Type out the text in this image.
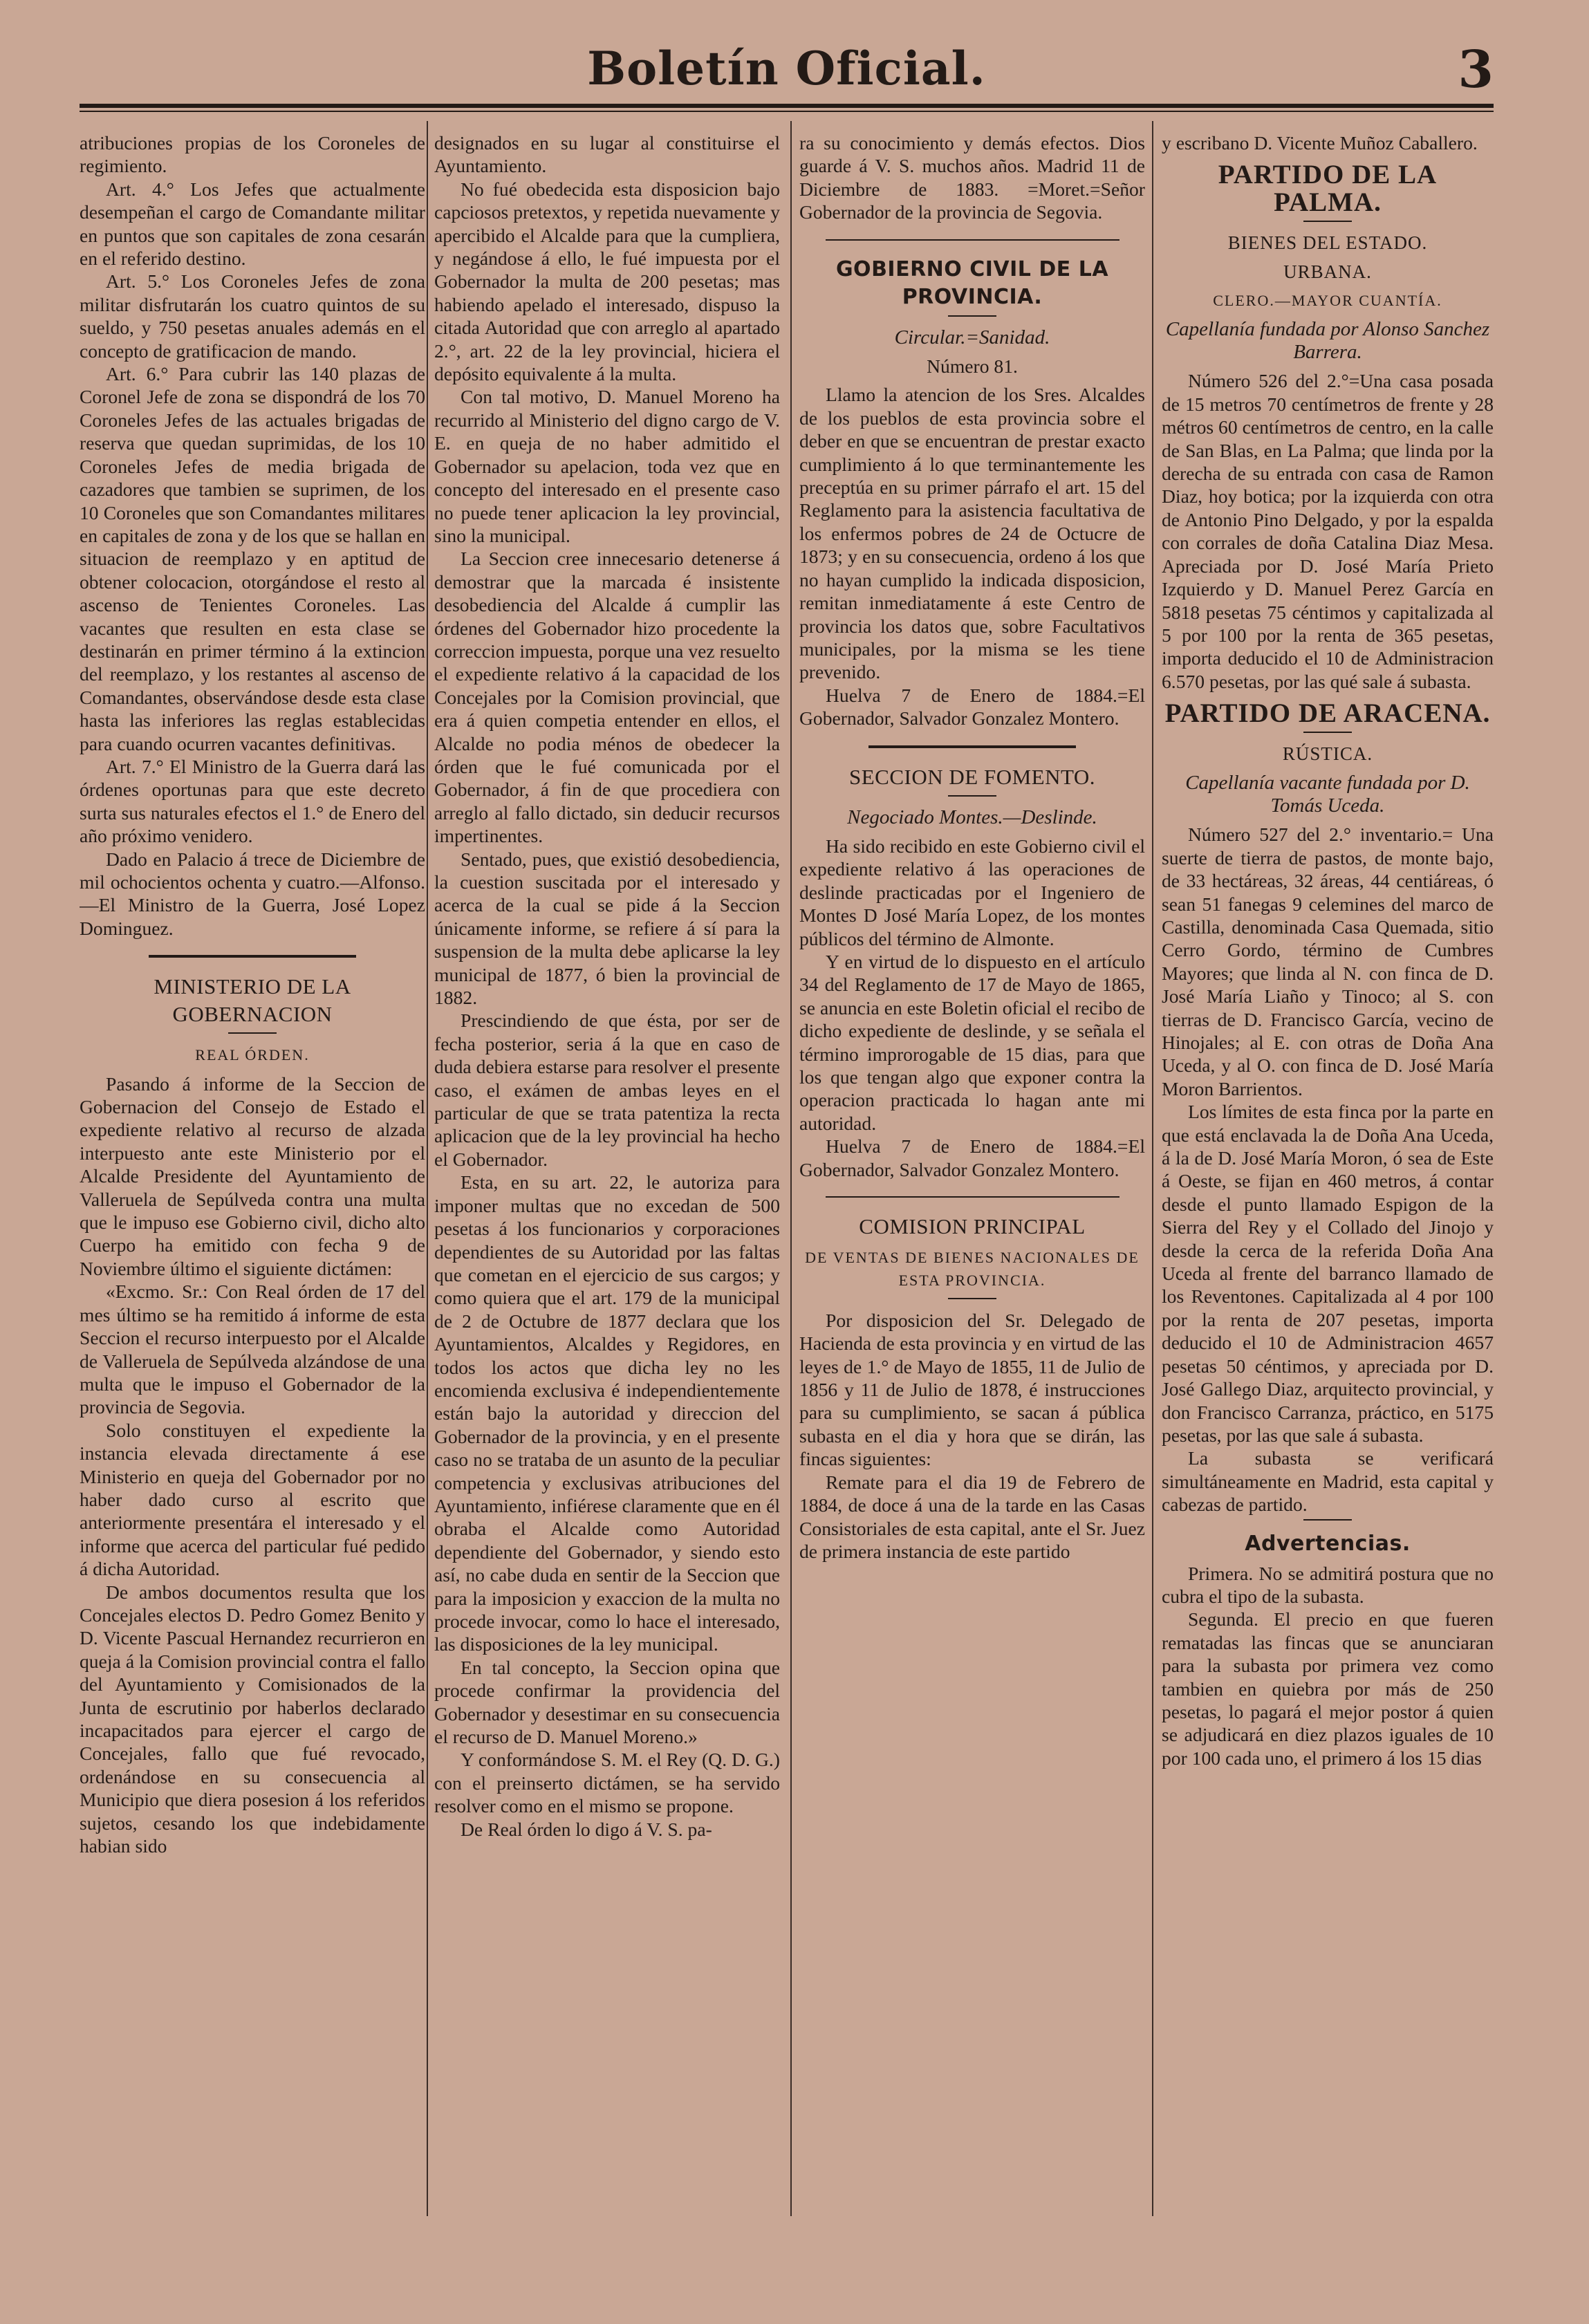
Boletín Oficial.	3

atribuciones propias de los Coroneles de regimiento.

Art. 4.° Los Jefes que actualmente desempeñan el cargo de Comandante militar en puntos que son capitales de zona cesarán en el referido destino.

Art. 5.° Los Coroneles Jefes de zona militar disfrutarán los cuatro quintos de su sueldo, y 750 pesetas anuales además en el concepto de gratificacion de mando.

Art. 6.° Para cubrir las 140 plazas de Coronel Jefe de zona se dispondrá de los 70 Coroneles Jefes de las actuales brigadas de reserva que quedan suprimidas, de los 10 Coroneles Jefes de media brigada de cazadores que tambien se suprimen, de los 10 Coroneles que son Comandantes militares en capitales de zona y de los que se hallan en situacion de reemplazo y en aptitud de obtener colocacion, otorgándose el resto al ascenso de Tenientes Coroneles. Las vacantes que resulten en esta clase se destinarán en primer término á la extincion del reemplazo, y los restantes al ascenso de Comandantes, observándose desde esta clase hasta las inferiores las reglas establecidas para cuando ocurren vacantes definitivas.

Art. 7.° El Ministro de la Guerra dará las órdenes oportunas para que este decreto surta sus naturales efectos el 1.° de Enero del año próximo venidero.

Dado en Palacio á trece de Diciembre de mil ochocientos ochenta y cuatro.—Alfonso.—El Ministro de la Guerra, José Lopez Dominguez.

MINISTERIO DE LA GOBERNACION
REAL ÓRDEN.

Pasando á informe de la Seccion de Gobernacion del Consejo de Estado el expediente relativo al recurso de alzada interpuesto ante este Ministerio por el Alcalde Presidente del Ayuntamiento de Valleruela de Sepúlveda contra una multa que le impuso ese Gobierno civil, dicho alto Cuerpo ha emitido con fecha 9 de Noviembre último el siguiente dictámen:

«Excmo. Sr.: Con Real órden de 17 del mes último se ha remitido á informe de esta Seccion el recurso interpuesto por el Alcalde de Valleruela de Sepúlveda alzándose de una multa que le impuso el Gobernador de la provincia de Segovia.

Solo constituyen el expediente la instancia elevada directamente á ese Ministerio en queja del Gobernador por no haber dado curso al escrito que anteriormente presentára el interesado y el informe que acerca del particular fué pedido á dicha Autoridad.

De ambos documentos resulta que los Concejales electos D. Pedro Gomez Benito y D. Vicente Pascual Hernandez recurrieron en queja á la Comision provincial contra el fallo del Ayuntamiento y Comisionados de la Junta de escrutinio por haberlos declarado incapacitados para ejercer el cargo de Concejales, fallo que fué revocado, ordenándose en su consecuencia al Municipio que diera posesion á los referidos sujetos, cesando los que indebidamente habian sido

designados en su lugar al constituirse el Ayuntamiento.

No fué obedecida esta disposicion bajo capciosos pretextos, y repetida nuevamente y apercibido el Alcalde para que la cumpliera, y negándose á ello, le fué impuesta por el Gobernador la multa de 200 pesetas; mas habiendo apelado el interesado, dispuso la citada Autoridad que con arreglo al apartado 2.°, art. 22 de la ley provincial, hiciera el depósito equivalente á la multa.

Con tal motivo, D. Manuel Moreno ha recurrido al Ministerio del digno cargo de V. E. en queja de no haber admitido el Gobernador su apelacion, toda vez que en concepto del interesado en el presente caso no puede tener aplicacion la ley provincial, sino la municipal.

La Seccion cree innecesario detenerse á demostrar que la marcada é insistente desobediencia del Alcalde á cumplir las órdenes del Gobernador hizo procedente la correccion impuesta, porque una vez resuelto el expediente relativo á la capacidad de los Concejales por la Comision provincial, que era á quien competia entender en ellos, el Alcalde no podia ménos de obedecer la órden que le fué comunicada por el Gobernador, á fin de que procediera con arreglo al fallo dictado, sin deducir recursos impertinentes.

Sentado, pues, que existió desobediencia, la cuestion suscitada por el interesado y acerca de la cual se pide á la Seccion únicamente informe, se refiere á sí para la suspension de la multa debe aplicarse la ley municipal de 1877, ó bien la provincial de 1882.

Prescindiendo de que ésta, por ser de fecha posterior, seria á la que en caso de duda debiera estarse para resolver el presente caso, el exámen de ambas leyes en el particular de que se trata patentiza la recta aplicacion que de la ley provincial ha hecho el Gobernador.

Esta, en su art. 22, le autoriza para imponer multas que no excedan de 500 pesetas á los funcionarios y corporaciones dependientes de su Autoridad por las faltas que cometan en el ejercicio de sus cargos; y como quiera que el art. 179 de la municipal de 2 de Octubre de 1877 declara que los Ayuntamientos, Alcaldes y Regidores, en todos los actos que dicha ley no les encomienda exclusiva é independientemente están bajo la autoridad y direccion del Gobernador de la provincia, y en el presente caso no se trataba de un asunto de la peculiar competencia y exclusivas atribuciones del Ayuntamiento, infiérese claramente que en él obraba el Alcalde como Autoridad dependiente del Gobernador, y siendo esto así, no cabe duda en sentir de la Seccion que para la imposicion y exaccion de la multa no procede invocar, como lo hace el interesado, las disposiciones de la ley municipal.

En tal concepto, la Seccion opina que procede confirmar la providencia del Gobernador y desestimar en su consecuencia el recurso de D. Manuel Moreno.»

Y conformándose S. M. el Rey (Q. D. G.) con el preinserto dictámen, se ha servido resolver como en el mismo se propone.

De Real órden lo digo á V. S. pa-

ra su conocimiento y demás efectos. Dios guarde á V. S. muchos años. Madrid 11 de Diciembre de 1883. =Moret.=Señor Gobernador de la provincia de Segovia.

GOBIERNO CIVIL DE LA PROVINCIA.
Circular.=Sanidad.
Número 81.

Llamo la atencion de los Sres. Alcaldes de los pueblos de esta provincia sobre el deber en que se encuentran de prestar exacto cumplimiento á lo que terminantemente les preceptúa en su primer párrafo el art. 15 del Reglamento para la asistencia facultativa de los enfermos pobres de 24 de Octucre de 1873; y en su consecuencia, ordeno á los que no hayan cumplido la indicada disposicion, remitan inmediatamente á este Centro de provincia los datos que, sobre Facultativos municipales, por la misma se les tiene prevenido.

Huelva 7 de Enero de 1884.=El Gobernador, Salvador Gonzalez Montero.

SECCION DE FOMENTO.
Negociado Montes.—Deslinde.

Ha sido recibido en este Gobierno civil el expediente relativo á las operaciones de deslinde practicadas por el Ingeniero de Montes D José María Lopez, de los montes públicos del término de Almonte.

Y en virtud de lo dispuesto en el artículo 34 del Reglamento de 17 de Mayo de 1865, se anuncia en este Boletin oficial el recibo de dicho expediente de deslinde, y se señala el término improrogable de 15 dias, para que los que tengan algo que exponer contra la operacion practicada lo hagan ante mi autoridad.

Huelva 7 de Enero de 1884.=El Gobernador, Salvador Gonzalez Montero.

COMISION PRINCIPAL
DE VENTAS DE BIENES NACIONALES DE ESTA PROVINCIA.

Por disposicion del Sr. Delegado de Hacienda de esta provincia y en virtud de las leyes de 1.° de Mayo de 1855, 11 de Julio de 1856 y 11 de Julio de 1878, é instrucciones para su cumplimiento, se sacan á pública subasta en el dia y hora que se dirán, las fincas siguientes:

Remate para el dia 19 de Febrero de 1884, de doce á una de la tarde en las Casas Consistoriales de esta capital, ante el Sr. Juez de primera instancia de este partido

y escribano D. Vicente Muñoz Caballero.

PARTIDO DE LA PALMA.
BIENES DEL ESTADO.
URBANA.
CLERO.—MAYOR CUANTÍA.
Capellanía fundada por Alonso Sanchez Barrera.

Número 526 del 2.°=Una casa posada de 15 metros 70 centímetros de frente y 28 métros 60 centímetros de centro, en la calle de San Blas, en La Palma; que linda por la derecha de su entrada con casa de Ramon Diaz, hoy botica; por la izquierda con otra de Antonio Pino Delgado, y por la espalda con corrales de doña Catalina Diaz Mesa. Apreciada por D. José María Prieto Izquierdo y D. Manuel Perez García en 5818 pesetas 75 céntimos y capitalizada al 5 por 100 por la renta de 365 pesetas, importa deducido el 10 de Administracion 6.570 pesetas, por las qué sale á subasta.

PARTIDO DE ARACENA.
RÚSTICA.
Capellanía vacante fundada por D. Tomás Uceda.

Número 527 del 2.° inventario.= Una suerte de tierra de pastos, de monte bajo, de 33 hectáreas, 32 áreas, 44 centiáreas, ó sean 51 fanegas 9 celemines del marco de Castilla, denominada Casa Quemada, sitio Cerro Gordo, término de Cumbres Mayores; que linda al N. con finca de D. José María Liaño y Tinoco; al S. con tierras de D. Francisco García, vecino de Hinojales; al E. con otras de Doña Ana Uceda, y al O. con finca de D. José María Moron Barrientos.

Los límites de esta finca por la parte en que está enclavada la de Doña Ana Uceda, á la de D. José María Moron, ó sea de Este á Oeste, se fijan en 460 metros, á contar desde el punto llamado Espigon de la Sierra del Rey y el Collado del Jinojo y desde la cerca de la referida Doña Ana Uceda al frente del barranco llamado de los Reventones. Capitalizada al 4 por 100 por la renta de 207 pesetas, importa deducido el 10 de Administracion 4657 pesetas 50 céntimos, y apreciada por D. José Gallego Diaz, arquitecto provincial, y don Francisco Carranza, práctico, en 5175 pesetas, por las que sale á subasta.

La subasta se verificará simultáneamente en Madrid, esta capital y cabezas de partido.

Advertencias.

Primera. No se admitirá postura que no cubra el tipo de la subasta.

Segunda. El precio en que fueren rematadas las fincas que se anunciaran para la subasta por primera vez como tambien en quiebra por más de 250 pesetas, lo pagará el mejor postor á quien se adjudicará en diez plazos iguales de 10 por 100 cada uno, el primero á los 15 dias
